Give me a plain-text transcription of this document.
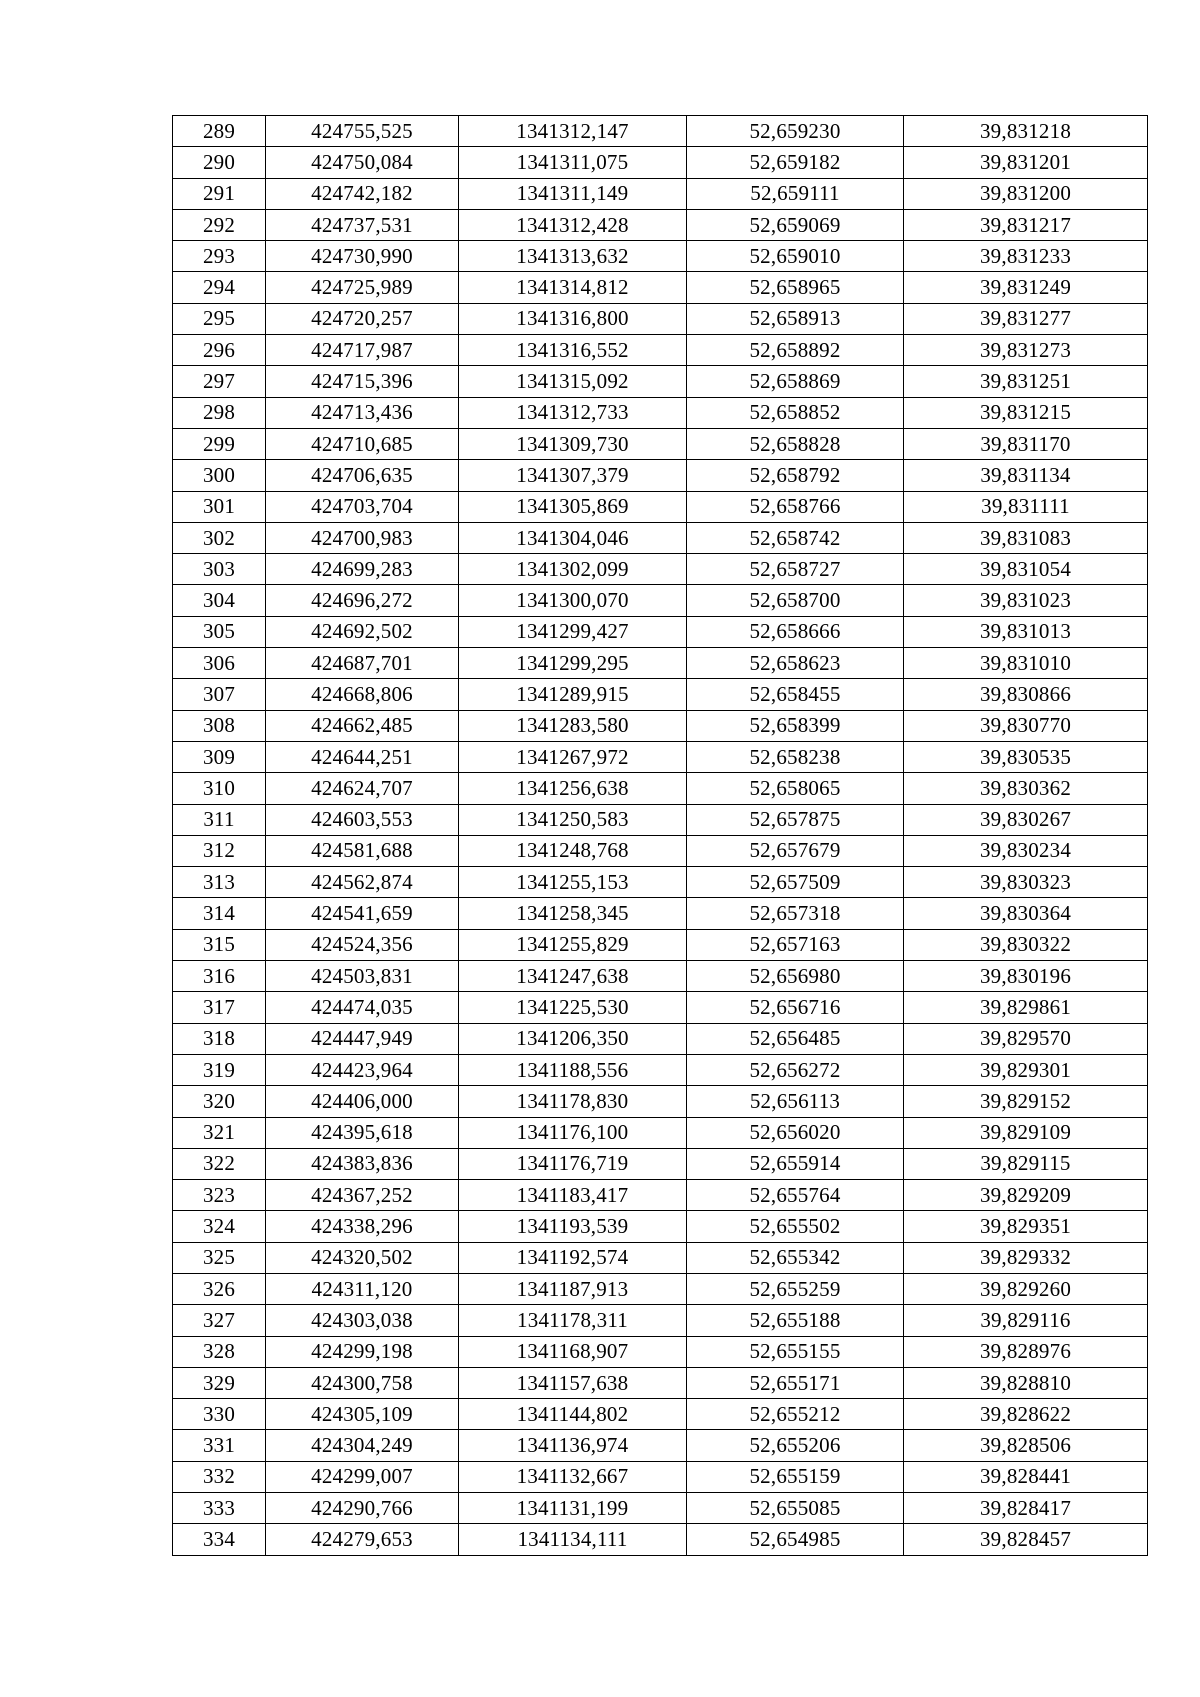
289	424755,525	1341312,147	52,659230	39,831218
290	424750,084	1341311,075	52,659182	39,831201
291	424742,182	1341311,149	52,659111	39,831200
292	424737,531	1341312,428	52,659069	39,831217
293	424730,990	1341313,632	52,659010	39,831233
294	424725,989	1341314,812	52,658965	39,831249
295	424720,257	1341316,800	52,658913	39,831277
296	424717,987	1341316,552	52,658892	39,831273
297	424715,396	1341315,092	52,658869	39,831251
298	424713,436	1341312,733	52,658852	39,831215
299	424710,685	1341309,730	52,658828	39,831170
300	424706,635	1341307,379	52,658792	39,831134
301	424703,704	1341305,869	52,658766	39,831111
302	424700,983	1341304,046	52,658742	39,831083
303	424699,283	1341302,099	52,658727	39,831054
304	424696,272	1341300,070	52,658700	39,831023
305	424692,502	1341299,427	52,658666	39,831013
306	424687,701	1341299,295	52,658623	39,831010
307	424668,806	1341289,915	52,658455	39,830866
308	424662,485	1341283,580	52,658399	39,830770
309	424644,251	1341267,972	52,658238	39,830535
310	424624,707	1341256,638	52,658065	39,830362
311	424603,553	1341250,583	52,657875	39,830267
312	424581,688	1341248,768	52,657679	39,830234
313	424562,874	1341255,153	52,657509	39,830323
314	424541,659	1341258,345	52,657318	39,830364
315	424524,356	1341255,829	52,657163	39,830322
316	424503,831	1341247,638	52,656980	39,830196
317	424474,035	1341225,530	52,656716	39,829861
318	424447,949	1341206,350	52,656485	39,829570
319	424423,964	1341188,556	52,656272	39,829301
320	424406,000	1341178,830	52,656113	39,829152
321	424395,618	1341176,100	52,656020	39,829109
322	424383,836	1341176,719	52,655914	39,829115
323	424367,252	1341183,417	52,655764	39,829209
324	424338,296	1341193,539	52,655502	39,829351
325	424320,502	1341192,574	52,655342	39,829332
326	424311,120	1341187,913	52,655259	39,829260
327	424303,038	1341178,311	52,655188	39,829116
328	424299,198	1341168,907	52,655155	39,828976
329	424300,758	1341157,638	52,655171	39,828810
330	424305,109	1341144,802	52,655212	39,828622
331	424304,249	1341136,974	52,655206	39,828506
332	424299,007	1341132,667	52,655159	39,828441
333	424290,766	1341131,199	52,655085	39,828417
334	424279,653	1341134,111	52,654985	39,828457
